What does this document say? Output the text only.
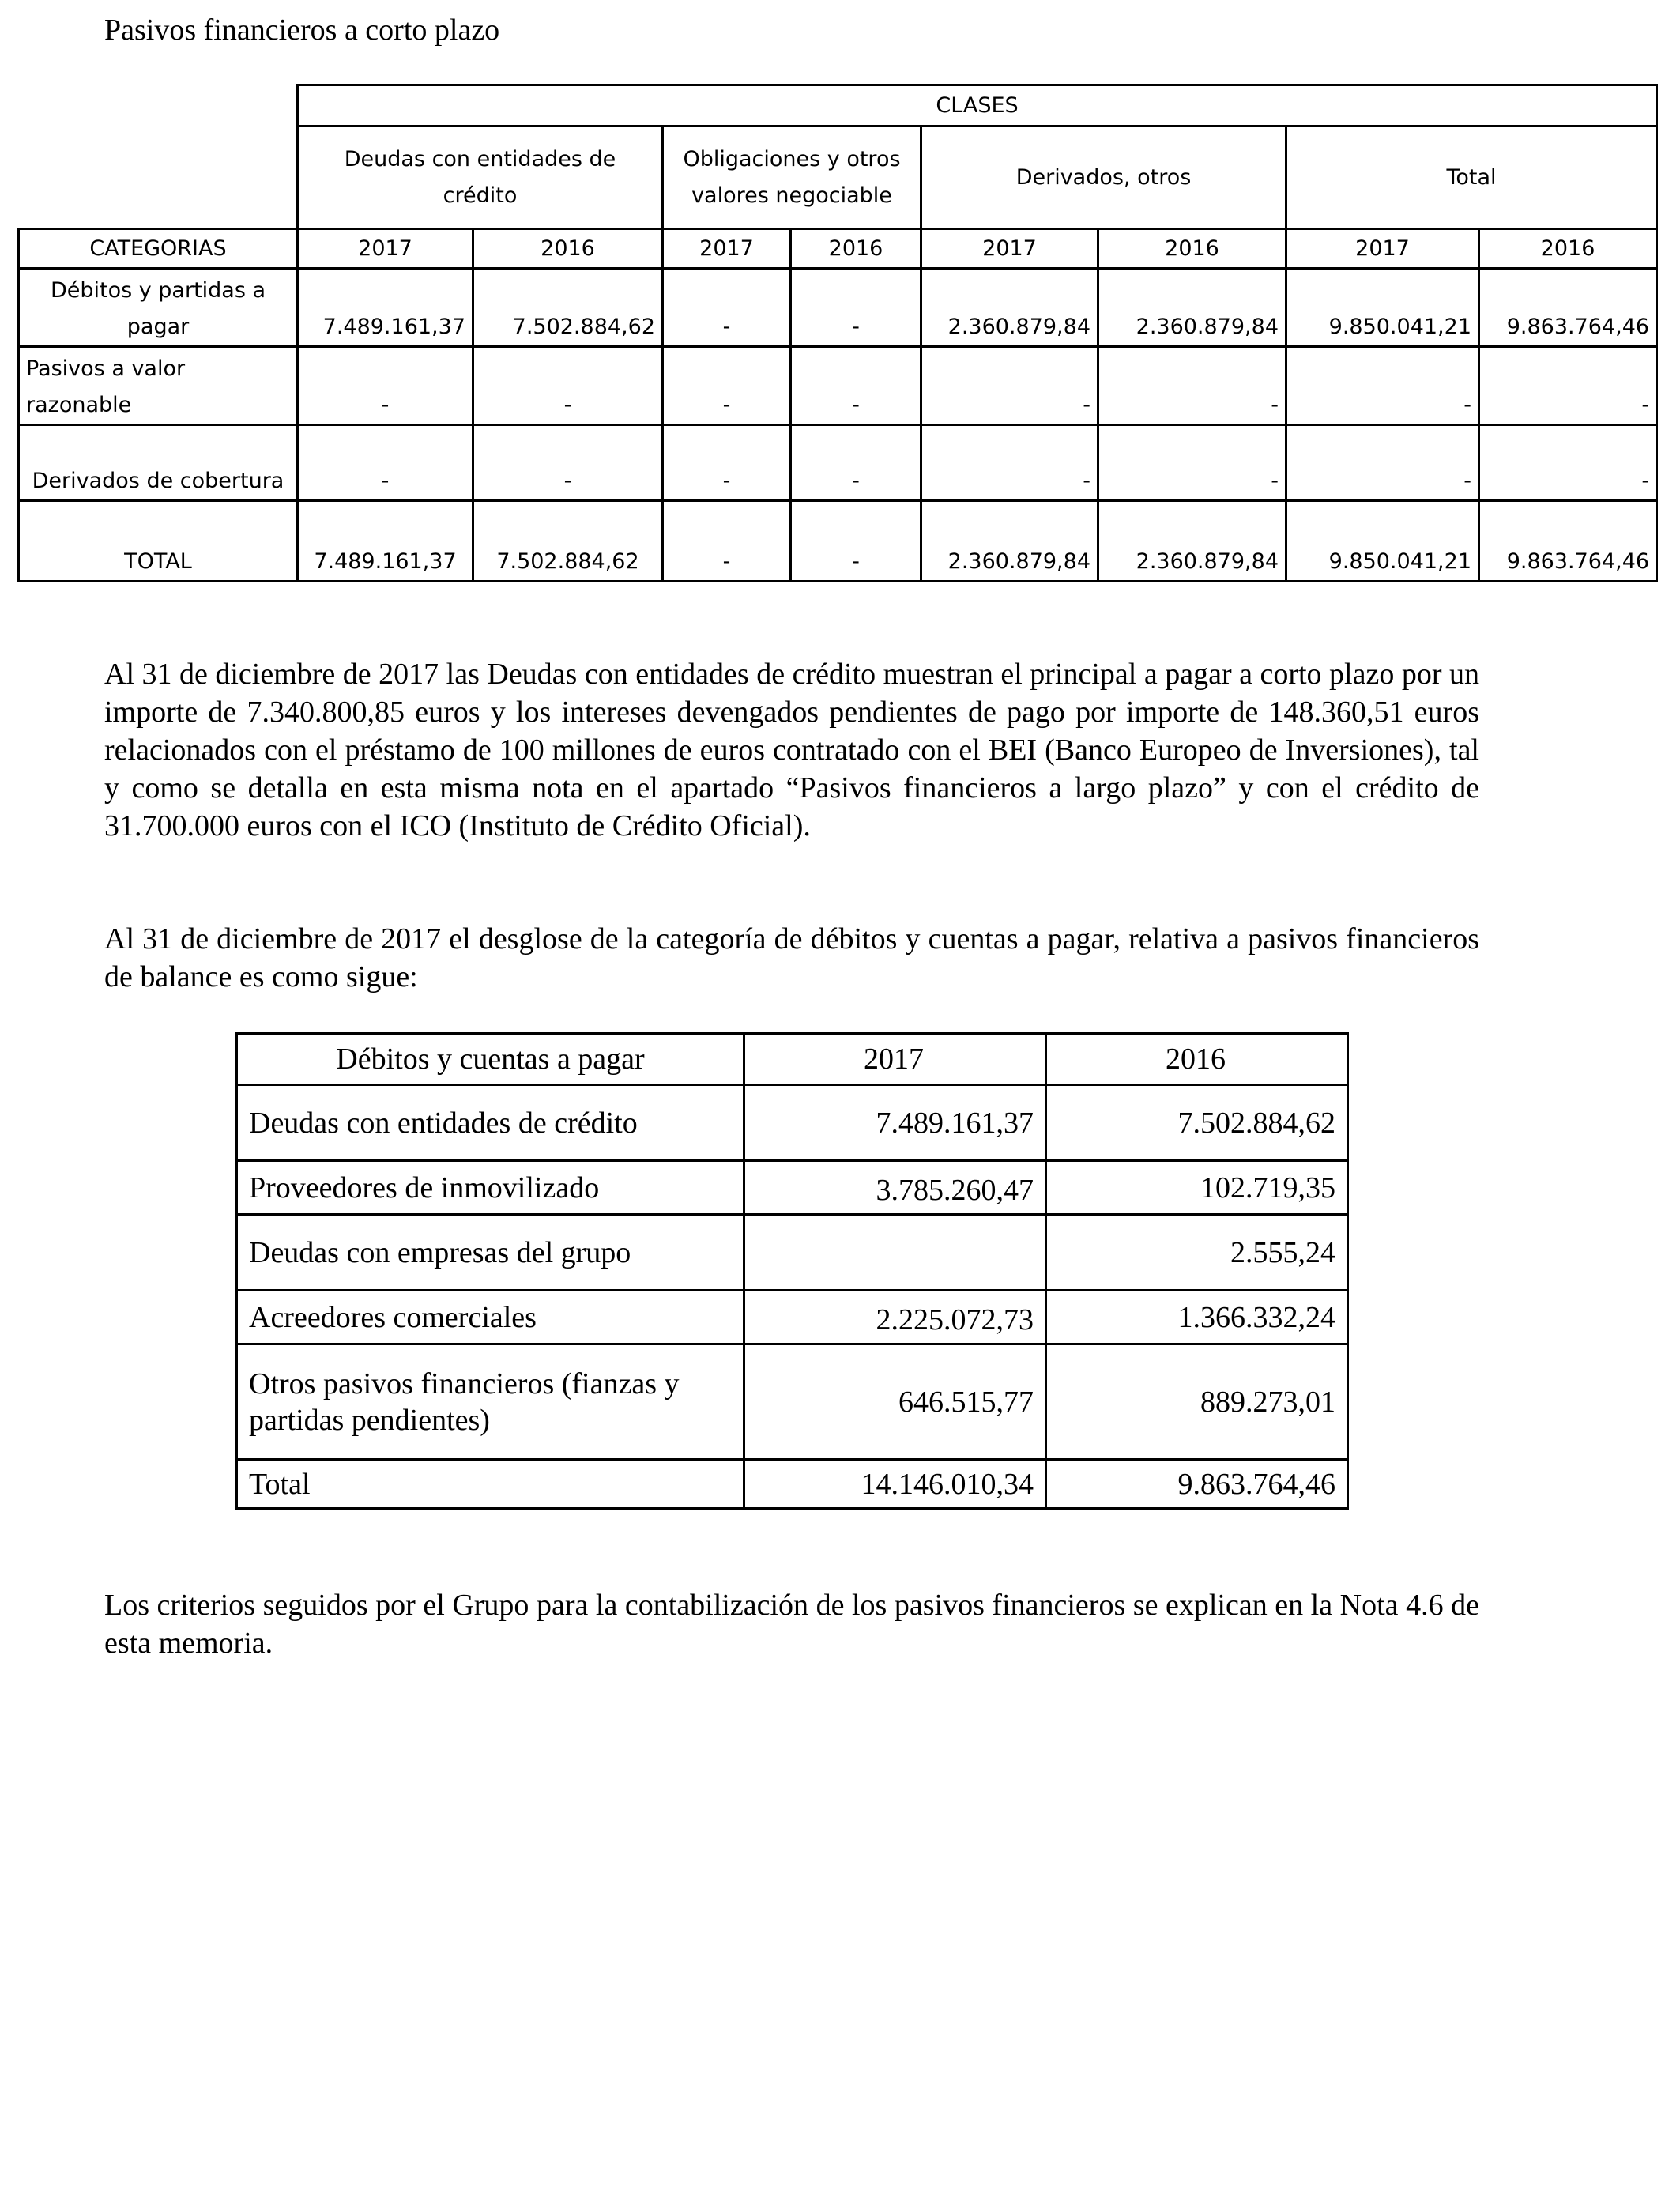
Pasivos financieros a corto plazo
	CLASES							
	Deudas con entidades de crédito		Obligaciones y otros valores negociable		Derivados, otros		Total	
CATEGORIAS	2017	2016	2017	2016	2017	2016	2017	2016
Débitos y partidas a pagar	7.489.161,37	7.502.884,62	-	-	2.360.879,84	2.360.879,84	9.850.041,21	9.863.764,46
Pasivos a valor razonable	-	-	-	-	-	-	-	-
Derivados de cobertura	-	-	-	-	-	-	-	-
TOTAL	7.489.161,37	7.502.884,62	-	-	2.360.879,84	2.360.879,84	9.850.041,21	9.863.764,46

Al 31 de diciembre de 2017 las Deudas con entidades de crédito muestran el principal a pagar a corto plazo por un importe de 7.340.800,85 euros y los intereses devengados pendientes de pago por importe de 148.360,51 euros relacionados con el préstamo de 100 millones de euros contratado con el BEI (Banco Europeo de Inversiones), tal y como se detalla en esta misma nota en el apartado “Pasivos financieros a largo plazo” y con el crédito de 31.700.000 euros con el ICO (Instituto de Crédito Oficial).

Al 31 de diciembre de 2017 el desglose de la categoría de débitos y cuentas a pagar, relativa a pasivos financieros de balance es como sigue:

Débitos y cuentas a pagar	2017	2016
Deudas con entidades de crédito	7.489.161,37	7.502.884,62
Proveedores de inmovilizado	3.785.260,47	102.719,35
Deudas con empresas del grupo		2.555,24
Acreedores comerciales	2.225.072,73	1.366.332,24
Otros pasivos financieros (fianzas y partidas pendientes)	646.515,77	889.273,01
Total	14.146.010,34	9.863.764,46

Los criterios seguidos por el Grupo para la contabilización de los pasivos financieros se explican en la Nota 4.6 de esta memoria.
